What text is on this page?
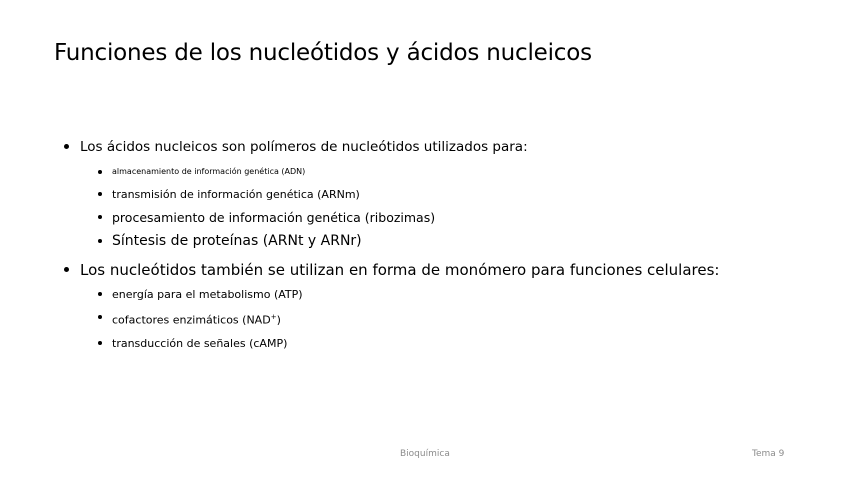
Funciones de los nucleótidos y ácidos nucleicos
Los ácidos nucleicos son polímeros de nucleótidos utilizados para:
almacenamiento de información genética (ADN)
transmisión de información genética (ARNm)
procesamiento de información genética (ribozimas)
Síntesis de proteínas (ARNt y ARNr)
Los nucleótidos también se utilizan en forma de monómero para funciones celulares:
energía para el metabolismo (ATP)
cofactores enzimáticos (NAD+)
transducción de señales (cAMP)
Bioquímica	Tema 9
